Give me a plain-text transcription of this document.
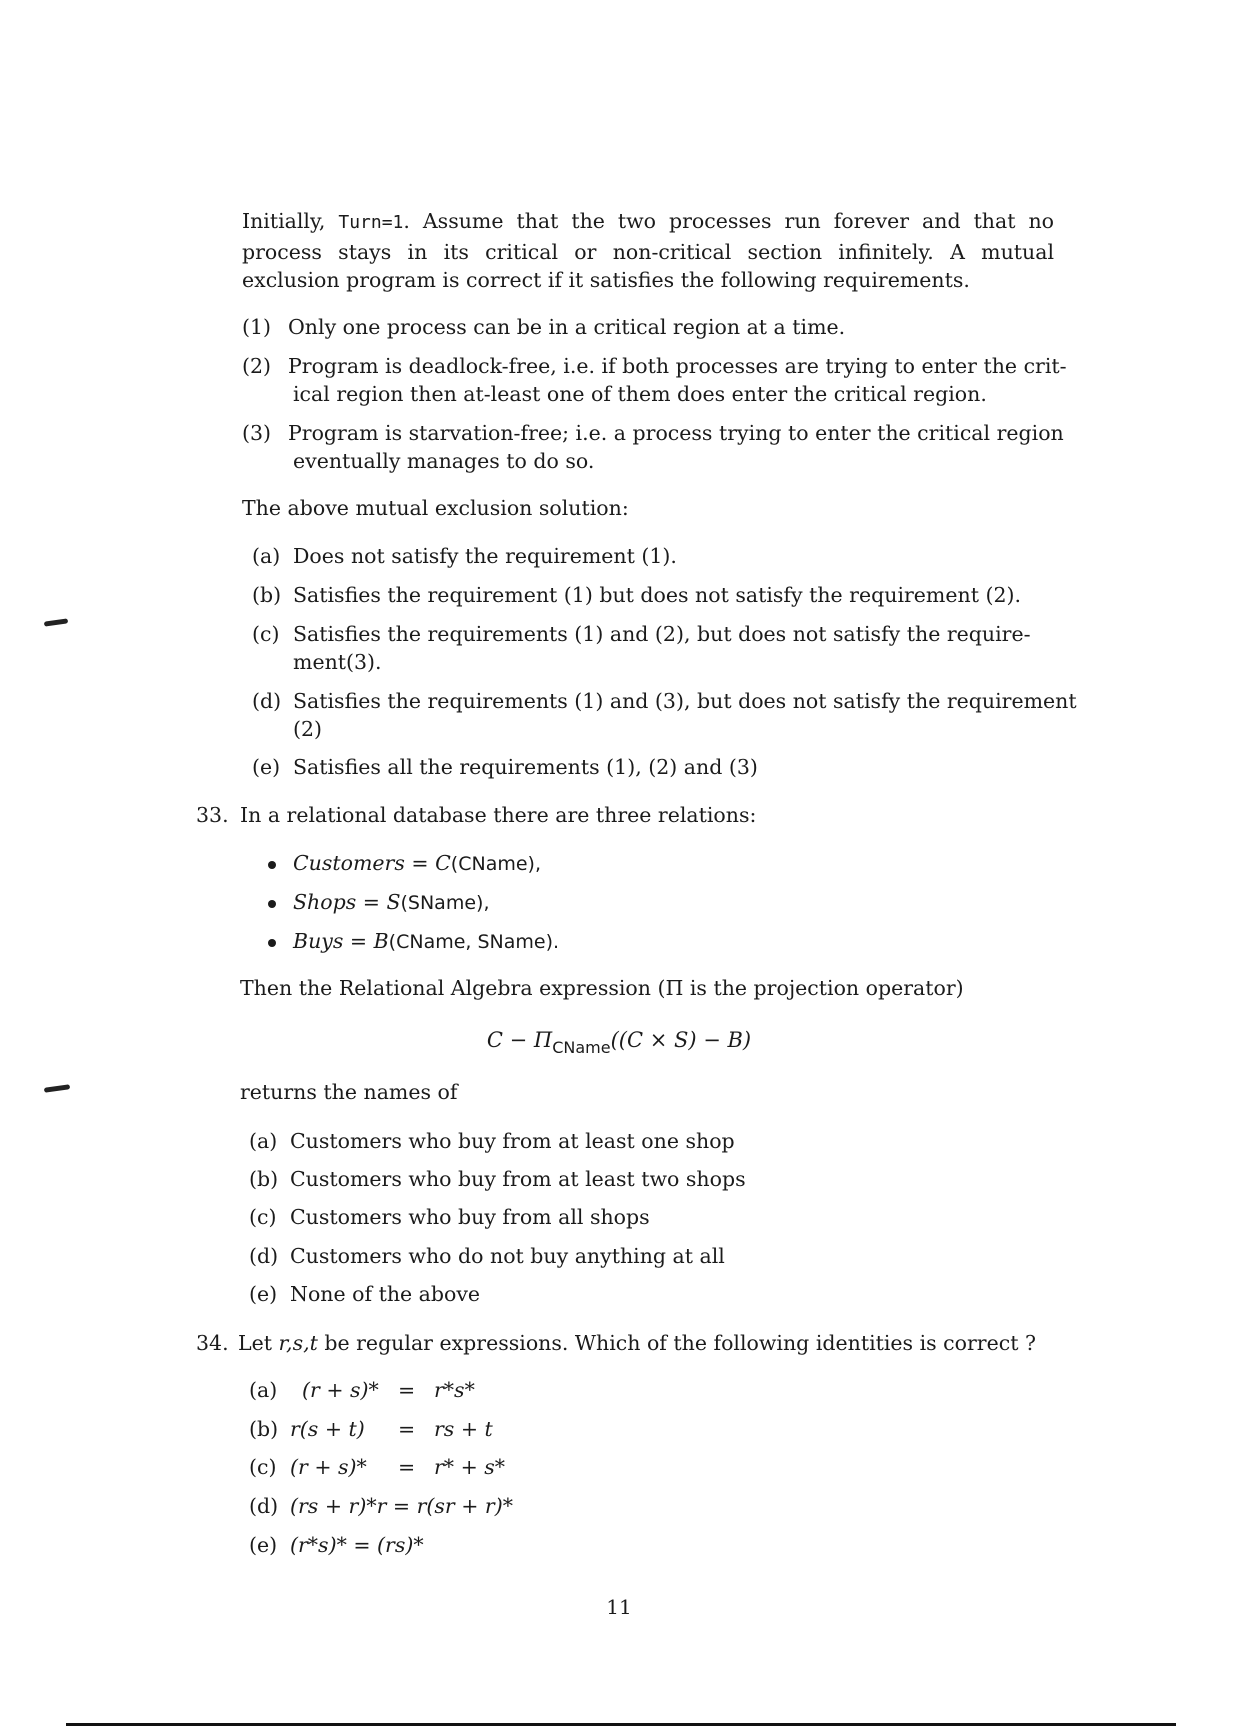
Initially, Turn=1. Assume that the two processes run forever and that no process stays in its critical or non-critical section infinitely. A mutual exclusion program is correct if it satisfies the following requirements.
(1) Only one process can be in a critical region at a time.
(2) Program is deadlock-free, i.e. if both processes are trying to enter the crit-
ical region then at-least one of them does enter the critical region.
(3) Program is starvation-free; i.e. a process trying to enter the critical region
eventually manages to do so.
The above mutual exclusion solution:
(a) Does not satisfy the requirement (1).
(b) Satisfies the requirement (1) but does not satisfy the requirement (2).
(c) Satisfies the requirements (1) and (2), but does not satisfy the require-
ment(3).
(d) Satisfies the requirements (1) and (3), but does not satisfy the requirement
(2)
(e) Satisfies all the requirements (1), (2) and (3)
33. In a relational database there are three relations:
Customers = C(CName),
Shops = S(SName),
Buys = B(CName, SName).
Then the Relational Algebra expression (Π is the projection operator)
$C - \Pi_{CName}((C \times S) - B)$
returns the names of
(a) Customers who buy from at least one shop
(b) Customers who buy from at least two shops
(c) Customers who buy from all shops
(d) Customers who do not buy anything at all
(e) None of the above
34. Let r,s,t be regular expressions. Which of the following identities is correct ?
(a) (r + s)* = r*s*
(b) r(s + t) = rs + t
(c) (r + s)* = r* + s*
(d) (rs + r)*r = r(sr + r)*
(e) (r*s)* = (rs)*
11
